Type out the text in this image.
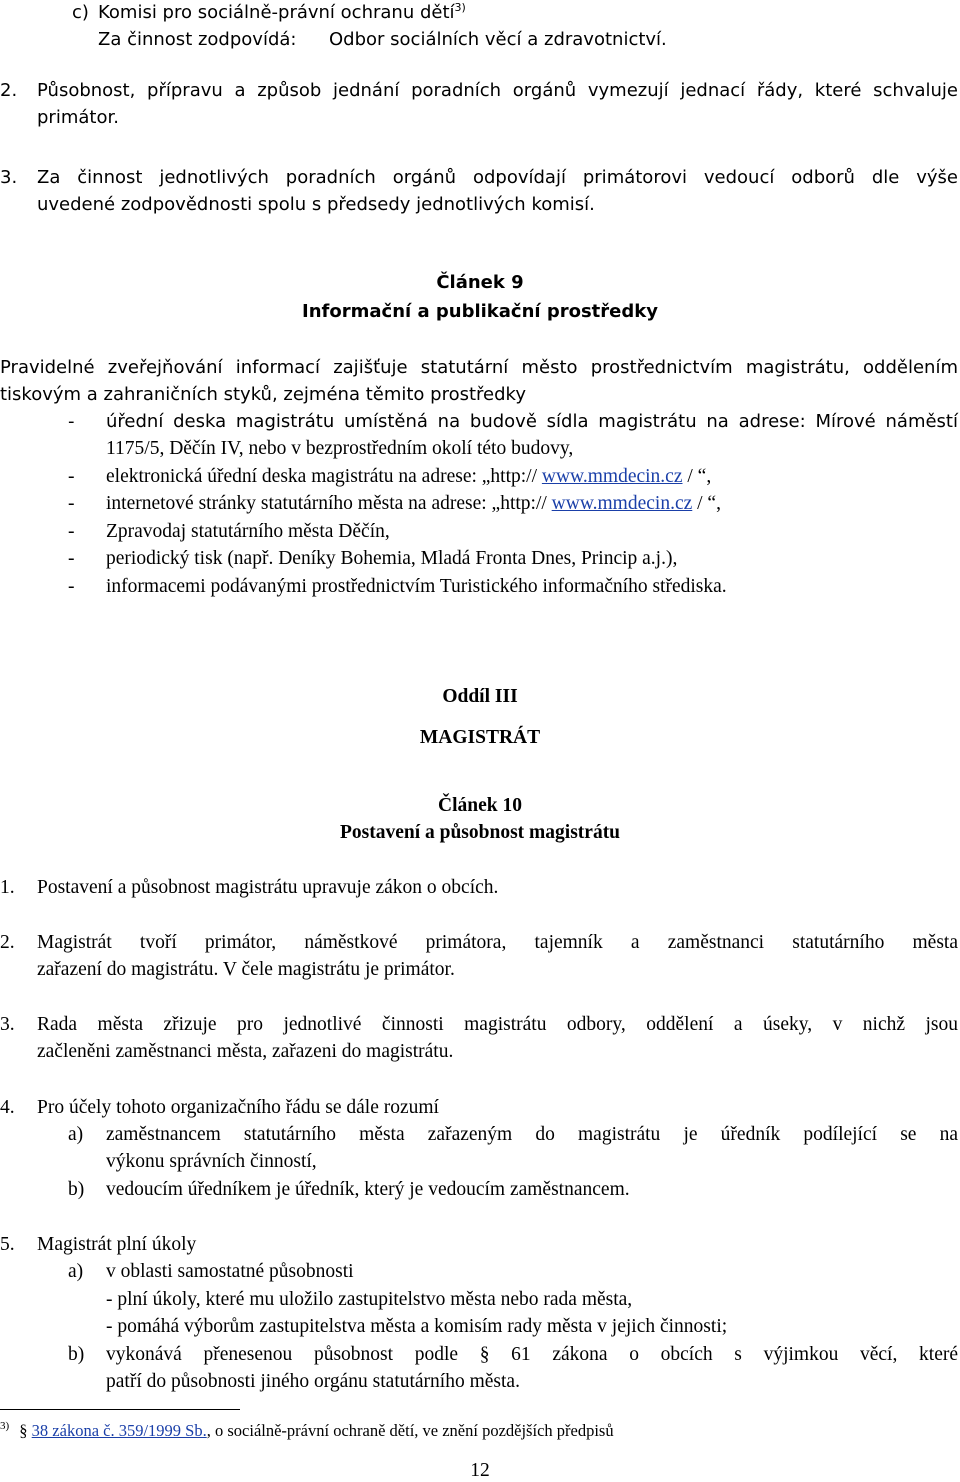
c) Komisi pro sociálně-právní ochranu dětí$^{3)}$
Za činnost zodpovídá: Odbor sociálních věcí a zdravotnictví.
2. Působnost, přípravu a způsob jednání poradních orgánů vymezují jednací řády, které schvaluje
primátor.
3. Za činnost jednotlivých poradních orgánů odpovídají primátorovi vedoucí odborů dle výše
uvedené zodpovědnosti spolu s předsedy jednotlivých komisí.
Článek 9
Informační a publikační prostředky
Pravidelné zveřejňování informací zajišťuje statutární město prostřednictvím magistrátu, oddělením
tiskovým a zahraničních styků, zejména těmito prostředky
- úřední deska magistrátu umístěná na budově sídla magistrátu na adrese: Mírové náměstí
1175/5, Děčín IV, nebo v bezprostředním okolí této budovy,
- elektronická úřední deska magistrátu na adrese: „http:// www.mmdecin.cz / “,
- internetové stránky statutárního města na adrese: „http:// www.mmdecin.cz / “,
- Zpravodaj statutárního města Děčín,
- periodický tisk (např. Deníky Bohemia, Mladá Fronta Dnes, Princip a.j.),
- informacemi podávanými prostřednictvím Turistického informačního střediska.
Oddíl III
MAGISTRÁT
Článek 10
Postavení a působnost magistrátu
1. Postavení a působnost magistrátu upravuje zákon o obcích.
2. Magistrát tvoří primátor, náměstkové primátora, tajemník a zaměstnanci statutárního města
zařazení do magistrátu. V čele magistrátu je primátor.
3. Rada města zřizuje pro jednotlivé činnosti magistrátu odbory, oddělení a úseky, v nichž jsou
začleněni zaměstnanci města, zařazeni do magistrátu.
4. Pro účely tohoto organizačního řádu se dále rozumí
a) zaměstnancem statutárního města zařazeným do magistrátu je úředník podílející se na
výkonu správních činností,
b) vedoucím úředníkem je úředník, který je vedoucím zaměstnancem.
5. Magistrát plní úkoly
a) v oblasti samostatné působnosti
- plní úkoly, které mu uložilo zastupitelstvo města nebo rada města,
- pomáhá výborům zastupitelstva města a komisím rady města v jejich činnosti;
b) vykonává přenesenou působnost podle § 61 zákona o obcích s výjimkou věcí, které
patří do působnosti jiného orgánu statutárního města.
$^{3)}$ § 38 zákona č. 359/1999 Sb., o sociálně-právní ochraně dětí, ve znění pozdějších předpisů
12
